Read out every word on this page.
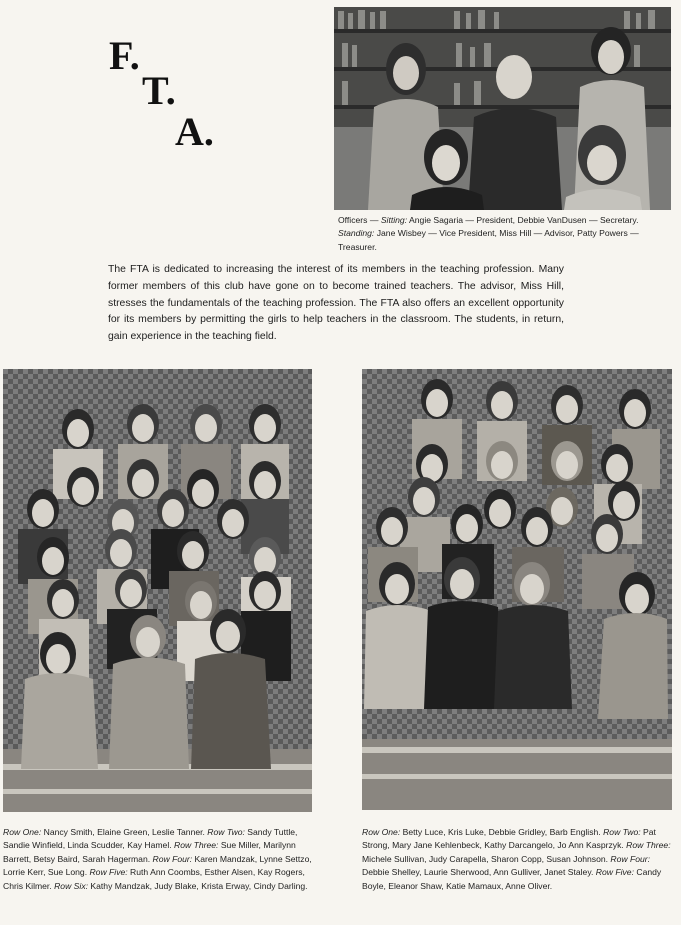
F.
T.
A.
Officers — Sitting: Angie Sagaria — President, Debbie VanDusen — Secretary. Standing: Jane Wisbey — Vice President, Miss Hill — Advisor, Patty Powers — Treasurer.

The FTA is dedicated to increasing the interest of its members in the teaching profession. Many former members of this club have gone on to become trained teachers. The advisor, Miss Hill, stresses the fundamentals of the teaching profession. The FTA also offers an excellent opportunity for its members by permitting the girls to help teachers in the classroom. The students, in return, gain experience in the teaching field.

Row One: Nancy Smith, Elaine Green, Leslie Tanner. Row Two: Sandy Tuttle, Sandie Winfield, Linda Scudder, Kay Hamel. Row Three: Sue Miller, Marilynn Barrett, Betsy Baird, Sarah Hagerman. Row Four: Karen Mandzak, Lynne Settzo, Lorrie Kerr, Sue Long. Row Five: Ruth Ann Coombs, Esther Alsen, Kay Rogers, Chris Kilmer. Row Six: Kathy Mandzak, Judy Blake, Krista Erway, Cindy Darling.
Row One: Betty Luce, Kris Luke, Debbie Gridley, Barb English. Row Two: Pat Strong, Mary Jane Kehlenbeck, Kathy Darcangelo, Jo Ann Kasprzyk. Row Three: Michele Sullivan, Judy Carapella, Sharon Copp, Susan Johnson. Row Four: Debbie Shelley, Laurie Sherwood, Ann Gulliver, Janet Staley. Row Five: Candy Boyle, Eleanor Shaw, Katie Mamaux, Anne Oliver.
